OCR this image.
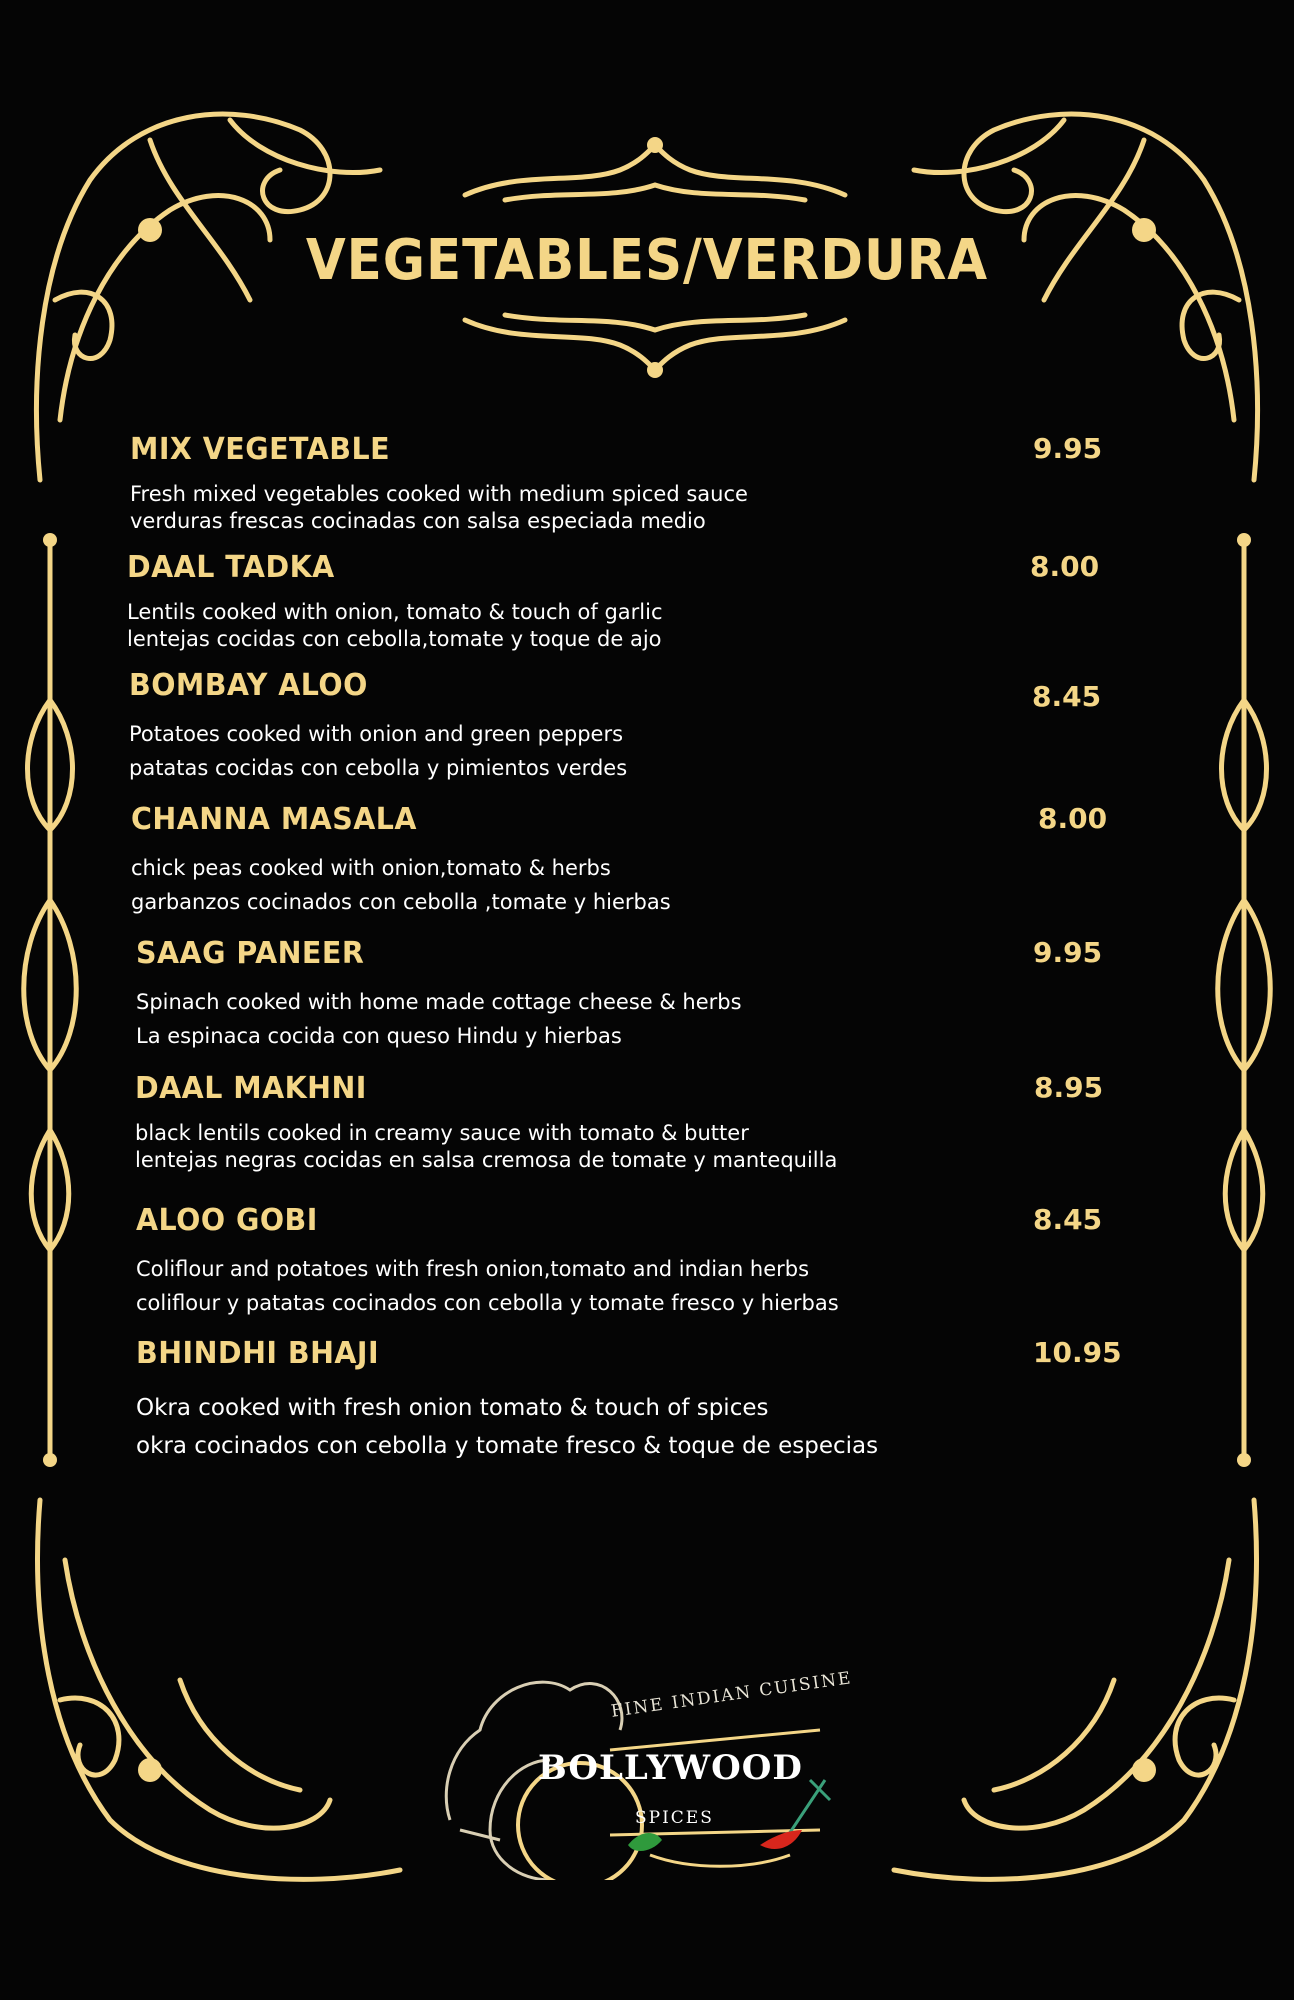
VEGETABLES/VERDURA
MIX VEGETABLE	9.95
Fresh mixed vegetables cooked with medium spiced sauce
verduras frescas cocinadas con salsa especiada medio
DAAL TADKA	8.00
Lentils cooked with onion, tomato & touch of garlic
lentejas cocidas con cebolla,tomate y toque de ajo
BOMBAY ALOO	8.45
Potatoes cooked with onion and green peppers
patatas cocidas con cebolla y pimientos verdes
CHANNA MASALA	8.00
chick peas cooked with onion,tomato & herbs
garbanzos cocinados con cebolla ,tomate y hierbas
SAAG PANEER	9.95
Spinach cooked with home made cottage cheese & herbs
La espinaca cocida con queso Hindu y hierbas
DAAL MAKHNI	8.95
black lentils cooked in creamy sauce with tomato & butter
lentejas negras cocidas en salsa cremosa de tomate y mantequilla
ALOO GOBI	8.45
Coliflour and potatoes with fresh onion,tomato and indian herbs
coliflour y patatas cocinados con cebolla y tomate fresco y hierbas
BHINDHI BHAJI	10.95
Okra cooked with fresh onion tomato & touch of spices
okra cocinados con cebolla y tomate fresco & toque de especias
FINE INDIAN CUISINE
BOLLYWOOD
SPICES
